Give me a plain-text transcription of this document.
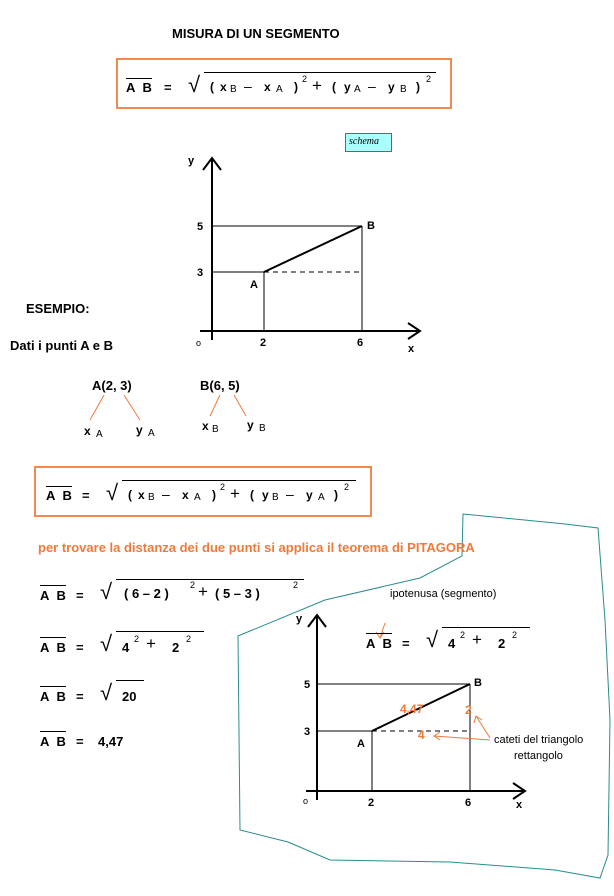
MISURA DI UN SEGMENTO
A B = √ ( x B – x A )
2 + ( y A – y B )
2
schema
y
x
o
5
3
2	6
A
B
y
x
o
5
3
2	6
A
B
4,47	2
4
ESEMPIO:
Dati i punti A e B
A(2, 3)	B(6, 5)
x A	y A
x B y B
A B = √ ( x B – x A )
2 + ( y B – y A )
2
per trovare la distanza dei due punti si applica il teorema di PITAGORA
A B = √ ( 6 – 2 )
2 + ( 5 – 3 )
2
A B = √ 4
2 + 2
2
A B = √ 20
A B = 4,47
ipotenusa (segmento)
A B = √ 4
2 + 2
2
cateti del triangolo
rettangolo
